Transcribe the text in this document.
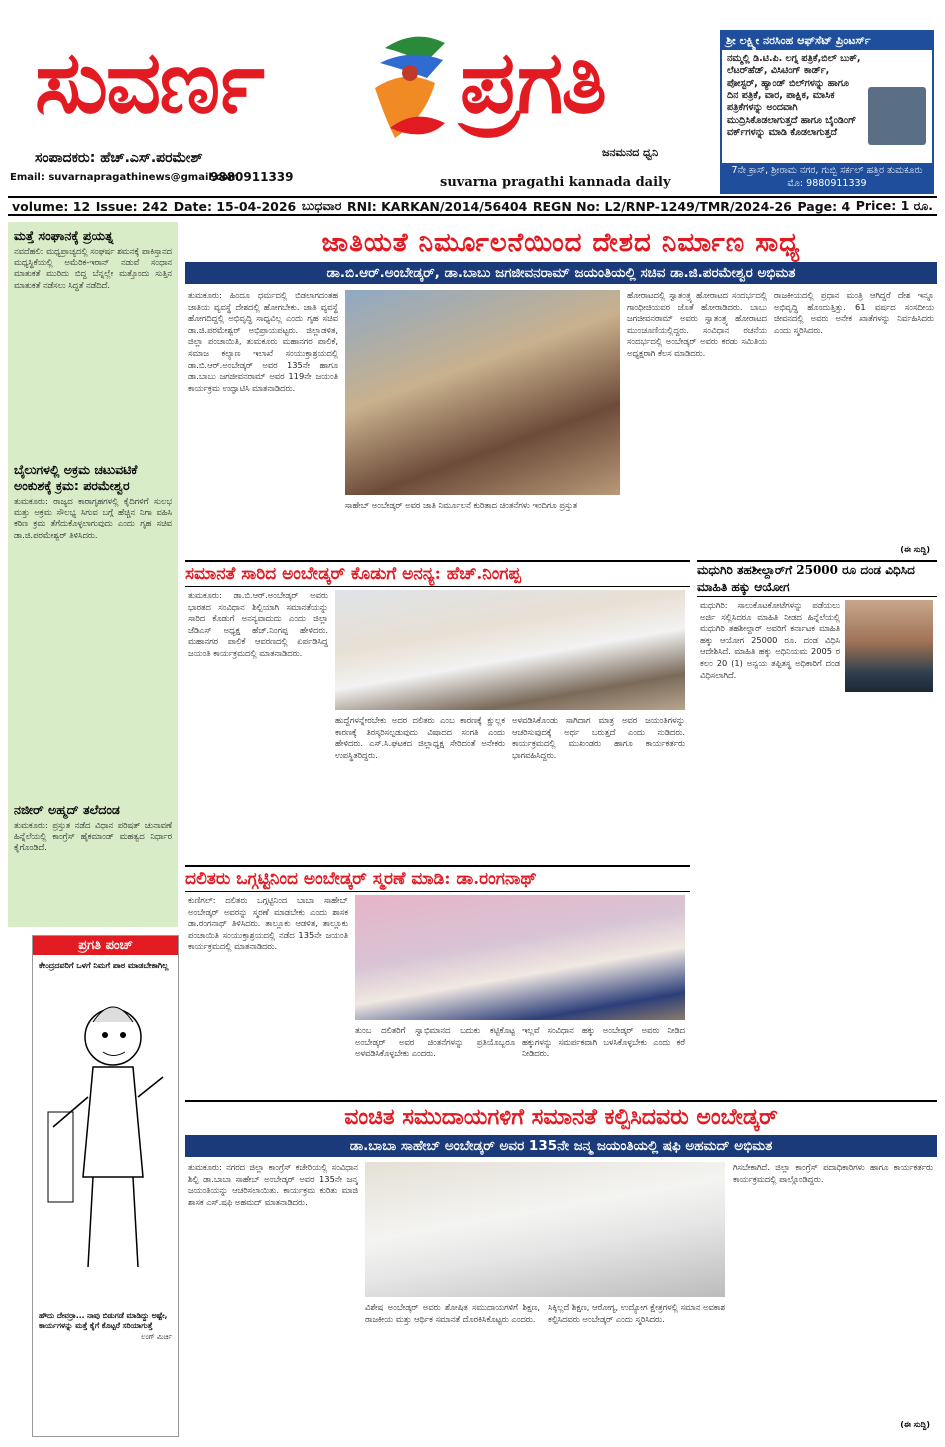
ಸುವರ್ಣ ಪ್ರಗತಿ
ಸಂಪಾದಕರು: ಹೆಚ್.ಎಸ್.ಪರಮೇಶ್	ಜನಮನದ ಧ್ವನಿ
Email: suvarnapragathinews@gmail.com
9880911339	suvarna pragathi kannada daily
ಶ್ರೀ ಲಕ್ಷ್ಮೀ ನರಸಿಂಹ ಆಫ್‌ಸೆಟ್ ಪ್ರಿಂಟರ್ಸ್
ನಮ್ಮಲ್ಲಿ ಡಿ.ಟಿ.ಪಿ. ಲಗ್ನ ಪತ್ರಿಕೆ,ಬಿಲ್ ಬುಕ್, ಲೆಟರ್‌ಹೆಡ್, ವಿಸಿಟಿಂಗ್ ಕಾರ್ಡ್, ಪೋಸ್ಟರ್, ಹ್ಯಾಂಡ್ ಬಿಲ್‌ಗಳನ್ನು ಹಾಗೂ ದಿನ ಪತ್ರಿಕೆ, ವಾರ, ಪಾಕ್ಷಿಕ, ಮಾಸಿಕ ಪತ್ರಿಕೆಗಳನ್ನು ಅಂದವಾಗಿ ಮುದ್ರಿಸಿಕೊಡಲಾಗುತ್ತದೆ ಹಾಗೂ ಬೈಂಡಿಂಗ್ ವರ್ಕ್‌ಗಳನ್ನು ಮಾಡಿ ಕೊಡಲಾಗುತ್ತದೆ
7ನೇ ಕ್ರಾಸ್, ಶ್ರೀರಾಮ ನಗರ, ಗುಬ್ಬಿ ಸರ್ಕಲ್ ಹತ್ತಿರ ತುಮಕೂರು ಮೊ: 9880911339
volume: 12 Issue: 242 Date: 15-04-2026 ಬುಧವಾರ RNI: KARKAN/2014/56404 REGN No: L2/RNP-1249/TMR/2024-26 Page: 4 Price: 1 ರೂ.
ಮತ್ತೆ ಸಂಘಾನಕ್ಕೆ ಪ್ರಯತ್ನ
ನವದೆಹಲಿ: ಮಧ್ಯಪ್ರಾಚ್ಯದಲ್ಲಿ ಸಂಘರ್ಷ ಶಮನಕ್ಕೆ ಪಾಕಿಸ್ತಾನದ ಮಧ್ಯಸ್ಥಿಕೆಯಲ್ಲಿ ಅಮೆರಿಕ-ಇರಾನ್ ನಡುವೆ ಸಂಧಾನ ಮಾತುಕತೆ ಮುರಿದು ಬಿದ್ದ ಬೆನ್ನಲ್ಲೇ ಮತ್ತೊಂದು ಸುತ್ತಿನ ಮಾತುಕತೆ ನಡೆಸಲು ಸಿದ್ಧತೆ ನಡೆದಿದೆ.
ಬೈಲುಗಳಲ್ಲಿ ಅಕ್ರಮ ಚಟುವಟಿಕೆ ಅಂಕುಶಕ್ಕೆ ಕ್ರಮ: ಪರಮೇಶ್ವರ
ತುಮಕೂರು: ರಾಜ್ಯದ ಕಾರಾಗೃಹಗಳಲ್ಲಿ ಕೈದಿಗಳಿಗೆ ಸುಲಭ ಮತ್ತು ಅಕ್ರಮ ಸೌಲಭ್ಯ ಸಿಗುವ ಬಗ್ಗೆ ಹೆಚ್ಚಿನ ನಿಗಾ ವಹಿಸಿ ಕಠಿಣ ಕ್ರಮ ತೆಗೆದುಕೊಳ್ಳಲಾಗುವುದು ಎಂದು ಗೃಹ ಸಚಿವ ಡಾ.ಜಿ.ಪರಮೇಶ್ವರ್ ತಿಳಿಸಿದರು.
ನಜೀರ್ ಅಹ್ಮದ್ ತಲೆದಂಡ
ತುಮಕೂರು: ಪ್ರಸ್ತುತ ನಡೆದ ವಿಧಾನ ಪರಿಷತ್ ಚುನಾವಣೆ ಹಿನ್ನೆಲೆಯಲ್ಲಿ ಕಾಂಗ್ರೆಸ್ ಹೈಕಮಾಂಡ್ ಮಹತ್ವದ ನಿರ್ಧಾರ ಕೈಗೊಂಡಿದೆ.
ಜಾತಿಯತೆ ನಿರ್ಮೂಲನೆಯಿಂದ ದೇಶದ ನಿರ್ಮಾಣ ಸಾಧ್ಯ
ಡಾ.ಬಿ.ಆರ್.ಅಂಬೇಡ್ಕರ್, ಡಾ.ಬಾಬು ಜಗಜೀವನರಾಮ್ ಜಯಂತಿಯಲ್ಲಿ ಸಚಿವ ಡಾ.ಜಿ.ಪರಮೇಶ್ವರ ಅಭಿಮತ
ತುಮಕೂರು: ಹಿಂದೂ ಧರ್ಮದಲ್ಲಿ ಬಿಡಲಾಗದಂತಹ ಜಾತಿಯ ವ್ಯವಸ್ಥೆ ದೇಶದಲ್ಲಿ ಹೋಗಬೇಕು. ಜಾತಿ ವ್ಯವಸ್ಥೆ ಹೋಗದಿದ್ದಲ್ಲಿ ಅಭಿವೃದ್ಧಿ ಸಾಧ್ಯವಿಲ್ಲ ಎಂದು ಗೃಹ ಸಚಿವ ಡಾ.ಜಿ.ಪರಮೇಶ್ವರ್ ಅಭಿಪ್ರಾಯಪಟ್ಟರು. ಜಿಲ್ಲಾಡಳಿತ, ಜಿಲ್ಲಾ ಪಂಚಾಯಿತಿ, ತುಮಕೂರು ಮಹಾನಗರ ಪಾಲಿಕೆ, ಸಮಾಜ ಕಲ್ಯಾಣ ಇಲಾಖೆ ಸಂಯುಕ್ತಾಶ್ರಯದಲ್ಲಿ ಡಾ.ಬಿ.ಆರ್.ಅಂಬೇಡ್ಕರ್ ಅವರ 135ನೇ ಹಾಗೂ ಡಾ.ಬಾಬು ಜಗಜೀವನರಾಮ್ ಅವರ 119ನೇ ಜಯಂತಿ ಕಾರ್ಯಕ್ರಮ ಉದ್ಘಾಟಿಸಿ ಮಾತನಾಡಿದರು.
ಸಾಹೇಬ್ ಅಂಬೇಡ್ಕರ್ ಅವರ ಜಾತಿ ನಿರ್ಮೂಲನೆ ಕುರಿತಾದ ಚಿಂತನೆಗಳು ಇಂದಿಗೂ ಪ್ರಸ್ತುತ
ಹೋರಾಟದಲ್ಲಿ ಸ್ವಾತಂತ್ರ್ಯ ಹೋರಾಟದ ಸಂದರ್ಭದಲ್ಲಿ ಗಾಂಧೀಜಿಯವರ ಜೊತೆ ಹೋರಾಡಿದರು. ಬಾಬು ಜಗಜೀವನರಾಮ್ ಅವರು ಸ್ವಾತಂತ್ರ್ಯ ಹೋರಾಟದ ಮುಂಚೂಣಿಯಲ್ಲಿದ್ದರು. ಸಂವಿಧಾನ ರಚನೆಯ ಸಂದರ್ಭದಲ್ಲಿ ಅಂಬೇಡ್ಕರ್ ಅವರು ಕರಡು ಸಮಿತಿಯ ಅಧ್ಯಕ್ಷರಾಗಿ ಕೆಲಸ ಮಾಡಿದರು.
ರಾಜಕೀಯದಲ್ಲಿ ಪ್ರಧಾನ ಮಂತ್ರಿ ಆಗಿದ್ದರೆ ದೇಶ ಇನ್ನೂ ಅಭಿವೃದ್ಧಿ ಹೊಂದುತ್ತಿತ್ತು. 61 ವರ್ಷದ ಸಂಸದೀಯ ಜೀವನದಲ್ಲಿ ಅವರು ಅನೇಕ ಖಾತೆಗಳನ್ನು ನಿರ್ವಹಿಸಿದರು ಎಂದು ಸ್ಮರಿಸಿದರು.
(ಈ ಸುದ್ದಿ)
ಸಮಾನತೆ ಸಾರಿದ ಅಂಬೇಡ್ಕರ್ ಕೊಡುಗೆ ಅನನ್ಯ: ಹೆಚ್.ನಿಂಗಪ್ಪ
ತುಮಕೂರು: ಡಾ.ಬಿ.ಆರ್.ಅಂಬೇಡ್ಕರ್ ಅವರು ಭಾರತದ ಸಂವಿಧಾನ ಶಿಲ್ಪಿಯಾಗಿ ಸಮಾನತೆಯನ್ನು ಸಾರಿದ ಕೊಡುಗೆ ಅನನ್ಯವಾದುದು ಎಂದು ಜಿಲ್ಲಾ ಜೆಡಿಎಸ್ ಅಧ್ಯಕ್ಷ ಹೆಚ್.ನಿಂಗಪ್ಪ ಹೇಳಿದರು. ಮಹಾನಗರ ಪಾಲಿಕೆ ಆವರಣದಲ್ಲಿ ಏರ್ಪಡಿಸಿದ್ದ ಜಯಂತಿ ಕಾರ್ಯಕ್ರಮದಲ್ಲಿ ಮಾತನಾಡಿದರು.
ಹುದ್ದೆಗಳನ್ನೇರಬೇಕು ಅದರ ದಲಿತರು ಎಂಬ ಕಾರಣಕ್ಕೆ ಕ್ಷುಲ್ಲಕ ಕಾರಣಕ್ಕೆ ತಿರಸ್ಕರಿಸಲ್ಪಡುವುದು ವಿಷಾದದ ಸಂಗತಿ ಎಂದು ಹೇಳಿದರು. ಎಸ್.ಸಿ.ಘಟಕದ ಜಿಲ್ಲಾಧ್ಯಕ್ಷ ಸೇರಿದಂತೆ ಅನೇಕರು ಉಪಸ್ಥಿತರಿದ್ದರು.
ಅಳವಡಿಸಿಕೊಂಡು ಸಾಗಿದಾಗ ಮಾತ್ರ ಅವರ ಜಯಂತಿಗಳನ್ನು ಆಚರಿಸುವುದಕ್ಕೆ ಅರ್ಥ ಬರುತ್ತದೆ ಎಂದು ನುಡಿದರು. ಕಾರ್ಯಕ್ರಮದಲ್ಲಿ ಮುಖಂಡರು ಹಾಗೂ ಕಾರ್ಯಕರ್ತರು ಭಾಗವಹಿಸಿದ್ದರು.
ಮಧುಗಿರಿ ತಹಶೀಲ್ದಾರ್‌ಗೆ 25000 ರೂ ದಂಡ ವಿಧಿಸಿದ ಮಾಹಿತಿ ಹಕ್ಕು ಆಯೋಗ
ಮಧುಗಿರಿ: ಸಾಲುಕೊಟಕೋಟೆಗಳನ್ನು ಪಡೆಯಲು ಅರ್ಜಿ ಸಲ್ಲಿಸಿದರೂ ಮಾಹಿತಿ ನೀಡದ ಹಿನ್ನೆಲೆಯಲ್ಲಿ ಮಧುಗಿರಿ ತಹಶೀಲ್ದಾರ್ ಅವರಿಗೆ ಕರ್ನಾಟಕ ಮಾಹಿತಿ ಹಕ್ಕು ಆಯೋಗ 25000 ರೂ. ದಂಡ ವಿಧಿಸಿ ಆದೇಶಿಸಿದೆ. ಮಾಹಿತಿ ಹಕ್ಕು ಅಧಿನಿಯಮ 2005 ರ ಕಲಂ 20 (1) ಅನ್ವಯ ತಪ್ಪಿತಸ್ಥ ಅಧಿಕಾರಿಗೆ ದಂಡ ವಿಧಿಸಲಾಗಿದೆ.
ದಲಿತರು ಒಗ್ಗಟ್ಟಿನಿಂದ ಅಂಬೇಡ್ಕರ್ ಸ್ಮರಣೆ ಮಾಡಿ: ಡಾ.ರಂಗನಾಥ್
ಕುಣಿಗಲ್: ದಲಿತರು ಒಗ್ಗಟ್ಟಿನಿಂದ ಬಾಬಾ ಸಾಹೇಬ್ ಅಂಬೇಡ್ಕರ್ ಅವರನ್ನು ಸ್ಮರಣೆ ಮಾಡಬೇಕು ಎಂದು ಶಾಸಕ ಡಾ.ರಂಗನಾಥ್ ತಿಳಿಸಿದರು. ತಾಲ್ಲೂಕು ಆಡಳಿತ, ತಾಲ್ಲೂಕು ಪಂಚಾಯಿತಿ ಸಂಯುಕ್ತಾಶ್ರಯದಲ್ಲಿ ನಡೆದ 135ನೇ ಜಯಂತಿ ಕಾರ್ಯಕ್ರಮದಲ್ಲಿ ಮಾತನಾಡಿದರು.
ತುಂಬ ದಲಿತರಿಗೆ ಸ್ವಾಭಿಮಾನದ ಬದುಕು ಕಟ್ಟಿಕೊಟ್ಟ ಅಂಬೇಡ್ಕರ್ ಅವರ ಚಿಂತನೆಗಳನ್ನು ಪ್ರತಿಯೊಬ್ಬರೂ ಅಳವಡಿಸಿಕೊಳ್ಳಬೇಕು ಎಂದರು.
ಇಲ್ಲವೆ ಸಂವಿಧಾನ ಹಕ್ಕು ಅಂಬೇಡ್ಕರ್ ಅವರು ನೀಡಿದ ಹಕ್ಕುಗಳನ್ನು ಸಮರ್ಪಕವಾಗಿ ಬಳಸಿಕೊಳ್ಳಬೇಕು ಎಂದು ಕರೆ ನೀಡಿದರು.
ವಂಚಿತ ಸಮುದಾಯಗಳಿಗೆ ಸಮಾನತೆ ಕಲ್ಪಿಸಿದವರು ಅಂಬೇಡ್ಕರ್
ಡಾ.ಬಾಬಾ ಸಾಹೇಬ್ ಅಂಬೇಡ್ಕರ್ ಅವರ 135ನೇ ಜನ್ಮ ಜಯಂತಿಯಲ್ಲಿ ಷಫಿ ಅಹಮದ್ ಅಭಿಮತ
ತುಮಕೂರು: ನಗರದ ಜಿಲ್ಲಾ ಕಾಂಗ್ರೆಸ್ ಕಚೇರಿಯಲ್ಲಿ ಸಂವಿಧಾನ ಶಿಲ್ಪಿ ಡಾ.ಬಾಬಾ ಸಾಹೇಬ್ ಅಂಬೇಡ್ಕರ್ ಅವರ 135ನೇ ಜನ್ಮ ಜಯಂತಿಯನ್ನು ಆಚರಿಸಲಾಯಿತು. ಕಾರ್ಯಕ್ರಮ ಕುರಿತು ಮಾಜಿ ಶಾಸಕ ಎಸ್.ಷಫಿ ಅಹಮದ್ ಮಾತನಾಡಿದರು.
ವಿಶೇಷ ಅಂಬೇಡ್ಕರ್ ಅವರು ಶೋಷಿತ ಸಮುದಾಯಗಳಿಗೆ ಶಿಕ್ಷಣ, ರಾಜಕೀಯ ಮತ್ತು ಆರ್ಥಿಕ ಸಮಾನತೆ ದೊರಕಿಸಿಕೊಟ್ಟರು ಎಂದರು.
ಸಿಕ್ಕಿಲ್ಲದೆ ಶಿಕ್ಷಣ, ಆರೋಗ್ಯ, ಉದ್ಯೋಗ ಕ್ಷೇತ್ರಗಳಲ್ಲಿ ಸಮಾನ ಅವಕಾಶ ಕಲ್ಪಿಸಿದವರು ಅಂಬೇಡ್ಕರ್ ಎಂದು ಸ್ಮರಿಸಿದರು.
ಗಿಸಬೇಕಾಗಿದೆ. ಜಿಲ್ಲಾ ಕಾಂಗ್ರೆಸ್ ಪದಾಧಿಕಾರಿಗಳು ಹಾಗೂ ಕಾರ್ಯಕರ್ತರು ಕಾರ್ಯಕ್ರಮದಲ್ಲಿ ಪಾಲ್ಗೊಂಡಿದ್ದರು.
(ಈ ಸುದ್ದಿ)
ಪ್ರಗತಿ ಪಂಚ್
ಕೇಂದ್ರದವರಿಗೆ ಒಳಗೆ ನಿಮಗೆ ಪಾಠ ಮಾಡಬೇಕಾಗಿಲ್ಲ
ಹೌದು ದೇವರ್ರಾ... ನಾವು ಬಿಡುಗಡೆ ಮಾಡಿದ್ದು ಅಷ್ಟೇ, ಕಾರ್ಯಗಳನ್ನು ಮತ್ತೆ ಕೈಗೆ ಕೊಟ್ಟರೆ ಸರಿಯಾಗುತ್ತೆ
ಲಂಗ್ ಮಿರ್ಚಿ
